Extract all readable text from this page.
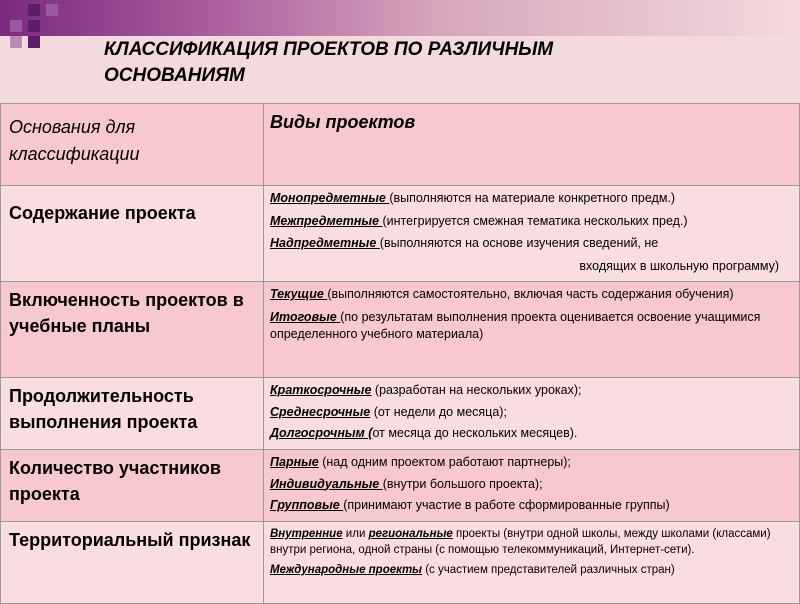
КЛАССИФИКАЦИЯ ПРОЕКТОВ ПО РАЗЛИЧНЫМ
ОСНОВАНИЯМ
Основания для классификации	Виды проектов

Содержание проекта	Монопредметные (выполняются на материале конкретного предм.)
Межпредметные (интегрируется смежная тематика нескольких пред.)
Надпредметные (выполняются на основе изучения сведений, не
входящих в школьную программу)

Включенность проектов в учебные планы	Текущие (выполняются самостоятельно, включая часть содержания обучения)
Итоговые (по результатам выполнения проекта оценивается освоение учащимися определенного учебного материала)

Продолжительность выполнения проекта	Краткосрочные (разработан на нескольких уроках);
Среднесрочные (от недели до месяца);
Долгосрочным (от месяца до нескольких месяцев).

Количество участников проекта	Парные (над одним проектом работают партнеры);
Индивидуальные (внутри большого проекта);
Групповые (принимают участие в работе сформированные группы)

Территориальный признак	Внутренние или региональные проекты (внутри одной школы, между школами (классами) внутри региона, одной страны (с помощью телекоммуникаций, Интернет-сети).
Международные проекты (с участием представителей различных стран)
